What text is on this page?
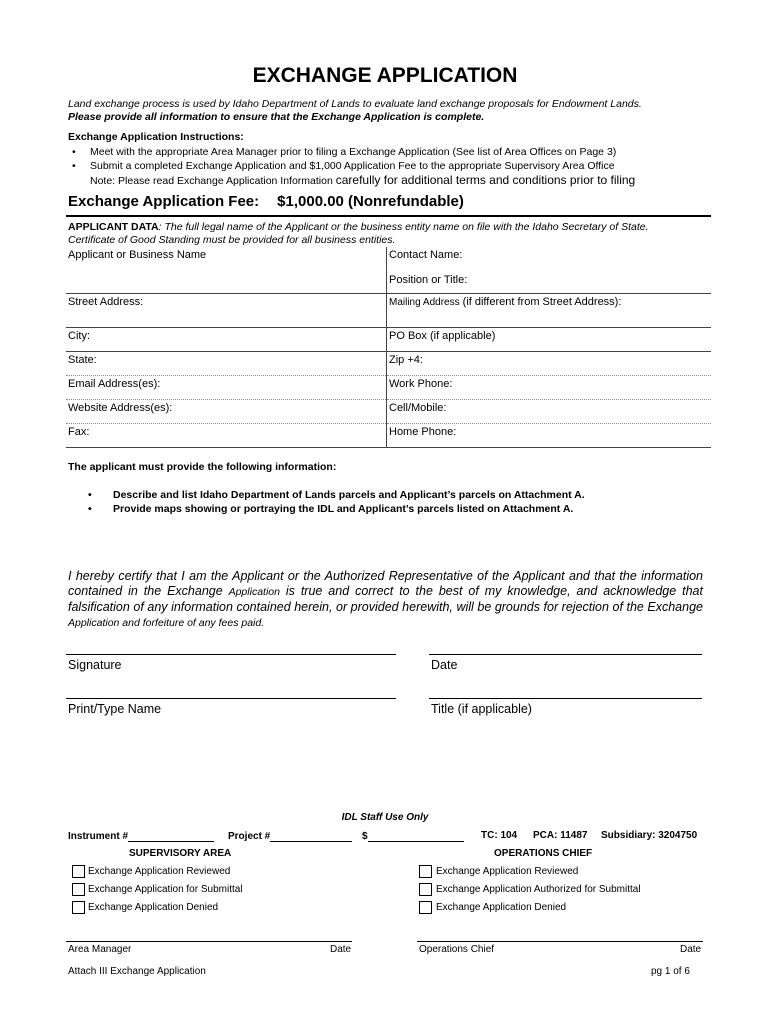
EXCHANGE APPLICATION
Land exchange process is used by Idaho Department of Lands to evaluate land exchange proposals for Endowment Lands.
Please provide all information to ensure that the Exchange Application is complete.
Exchange Application Instructions:
• Meet with the appropriate Area Manager prior to filing a Exchange Application (See list of Area Offices on Page 3)
• Submit a completed Exchange Application and $1,000 Application Fee to the appropriate Supervisory Area Office
Note: Please read Exchange Application Information carefully for additional terms and conditions prior to filing
Exchange Application Fee: $1,000.00 (Nonrefundable)
APPLICANT DATA: The full legal name of the Applicant or the business entity name on file with the Idaho Secretary of State.
Certificate of Good Standing must be provided for all business entities.
Applicant or Business Name	Contact Name:
Position or Title:

Street Address:	Mailing Address (if different from Street Address):
City:	PO Box (if applicable)
State:	Zip +4:
Email Address(es):	Work Phone:
Website Address(es):	Cell/Mobile:
Fax:	Home Phone:
The applicant must provide the following information:
• Describe and list Idaho Department of Lands parcels and Applicant’s parcels on Attachment A.
• Provide maps showing or portraying the IDL and Applicant’s parcels listed on Attachment A.
I hereby certify that I am the Applicant or the Authorized Representative of the Applicant and that the information contained in the Exchange Application is true and correct to the best of my knowledge, and acknowledge that falsification of any information contained herein, or provided herewith, will be grounds for rejection of the Exchange Application and forfeiture of any fees paid.
Signature	Date
Print/Type Name	Title (if applicable)
IDL Staff Use Only
Instrument #	Project #	$	TC: 104 PCA: 11487 Subsidiary: 3204750
SUPERVISORY AREA	OPERATIONS CHIEF
Exchange Application Reviewed
Exchange Application for Submittal
Exchange Application Denied
Exchange Application Reviewed
Exchange Application Authorized for Submittal
Exchange Application Denied
Area Manager	Date	Operations Chief	Date
Attach III Exchange Application	pg 1 of 6
